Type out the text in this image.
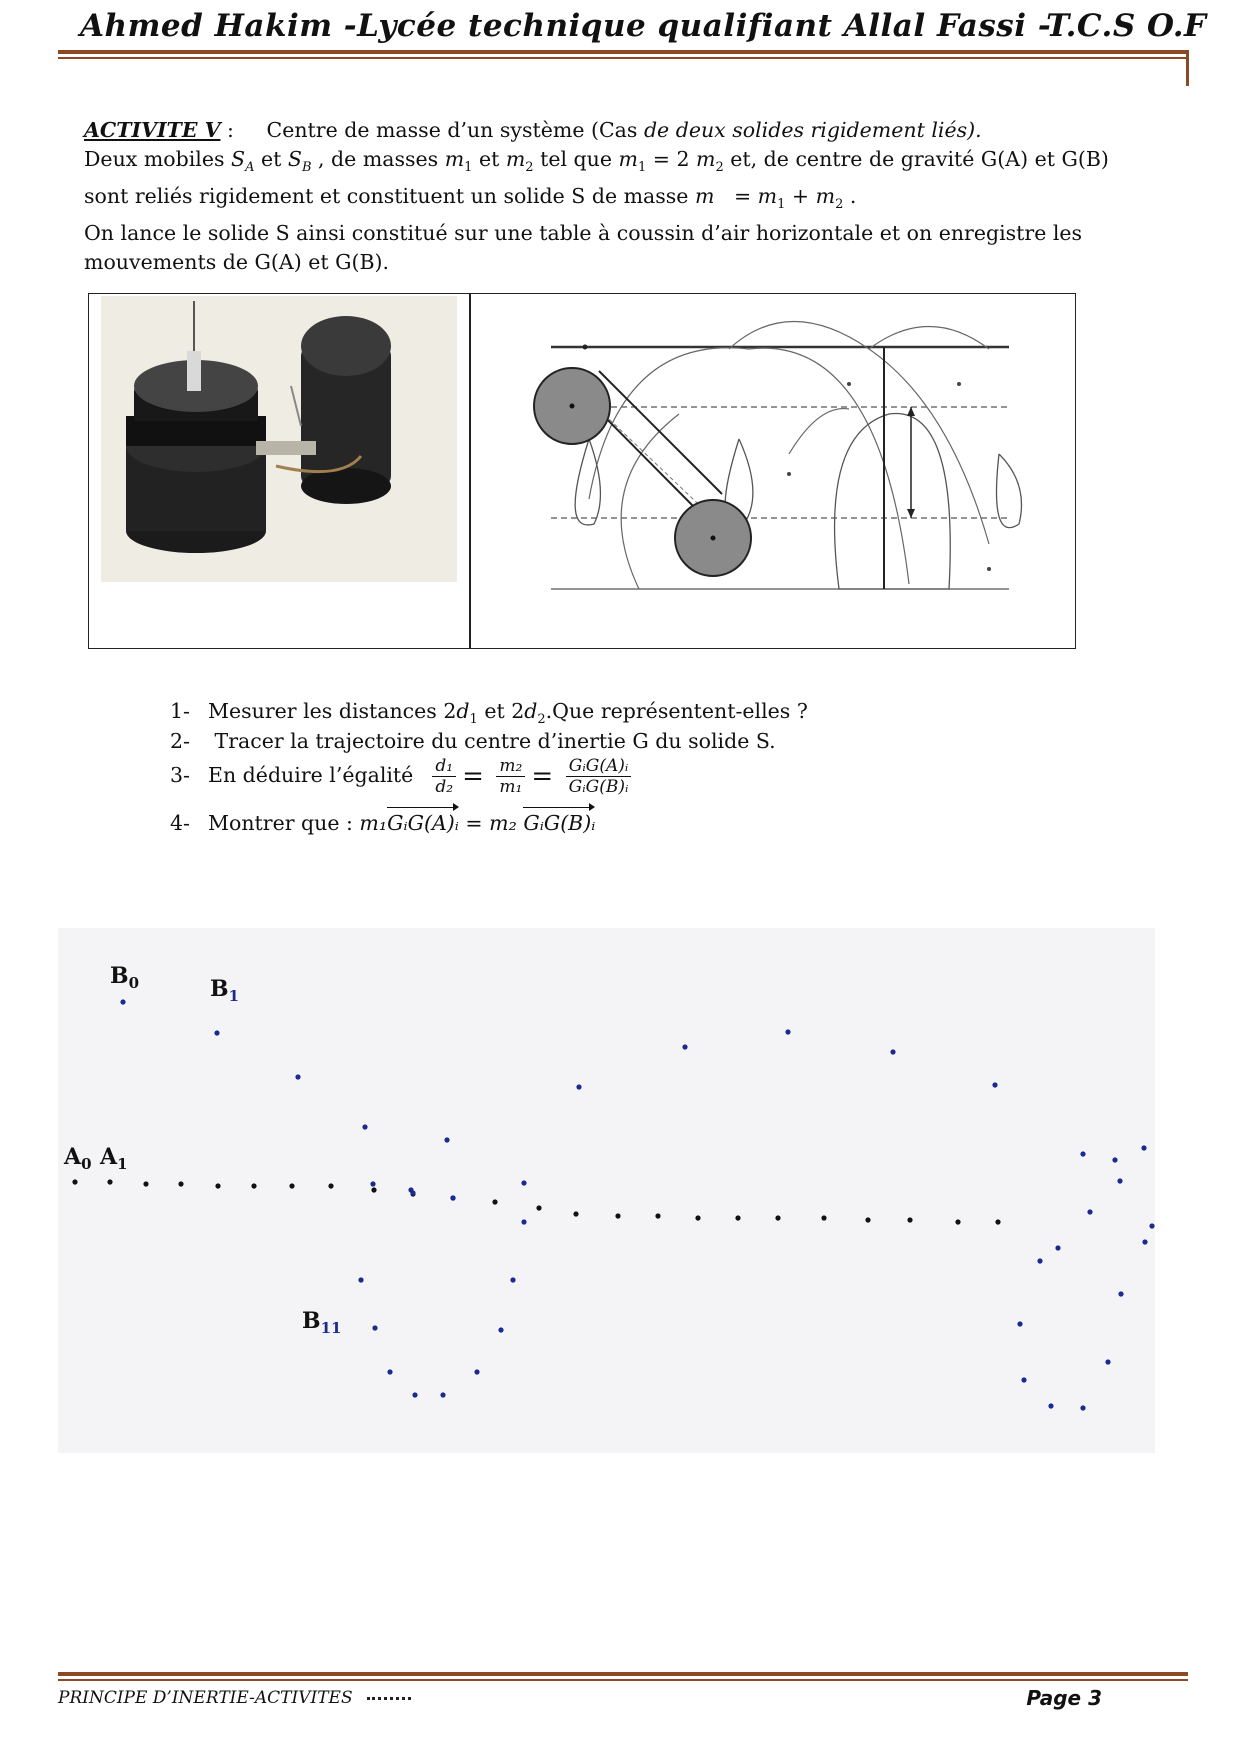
Ahmed Hakim -Lycée technique qualifiant Allal Fassi -T.C.S O.F

ACTIVITE V : Centre de masse d’un système (Cas de deux solides rigidement liés).

Deux mobiles $S_A$ et $S_B$ , de masses $m_1$ et $m_2$ tel que $m_1 = 2$ $m_2$ et, de centre de gravité G(A) et G(B)

sont reliés rigidement et constituent un solide S de masse $m = m_1 + m_2$ .

On lance le solide S ainsi constitué sur une table à coussin d’air horizontale et on enregistre les mouvements de G(A) et G(B).

1- Mesurer les distances $2d_1$ et $2d_2.Que$ représentent-elles ?
2- Tracer la trajectoire du centre d’inertie G du solide S.
3- En déduire l’égalité $\frac{\text{d₁}}{\text{d₂}} = \frac{\text{m₂}}{\text{m₁}} = \frac{\text{GᵢG(A)ᵢ}}{\text{GᵢG(B)ᵢ}}$
4- Montrer que : m₁GᵢG(A)ᵢ = m₂ GᵢG(B)ᵢ
$B_0$	$B_1$
$A_0$ $A_1$
$B_{11}$
PRINCIPE D’INERTIE-ACTIVITES	Page 3
